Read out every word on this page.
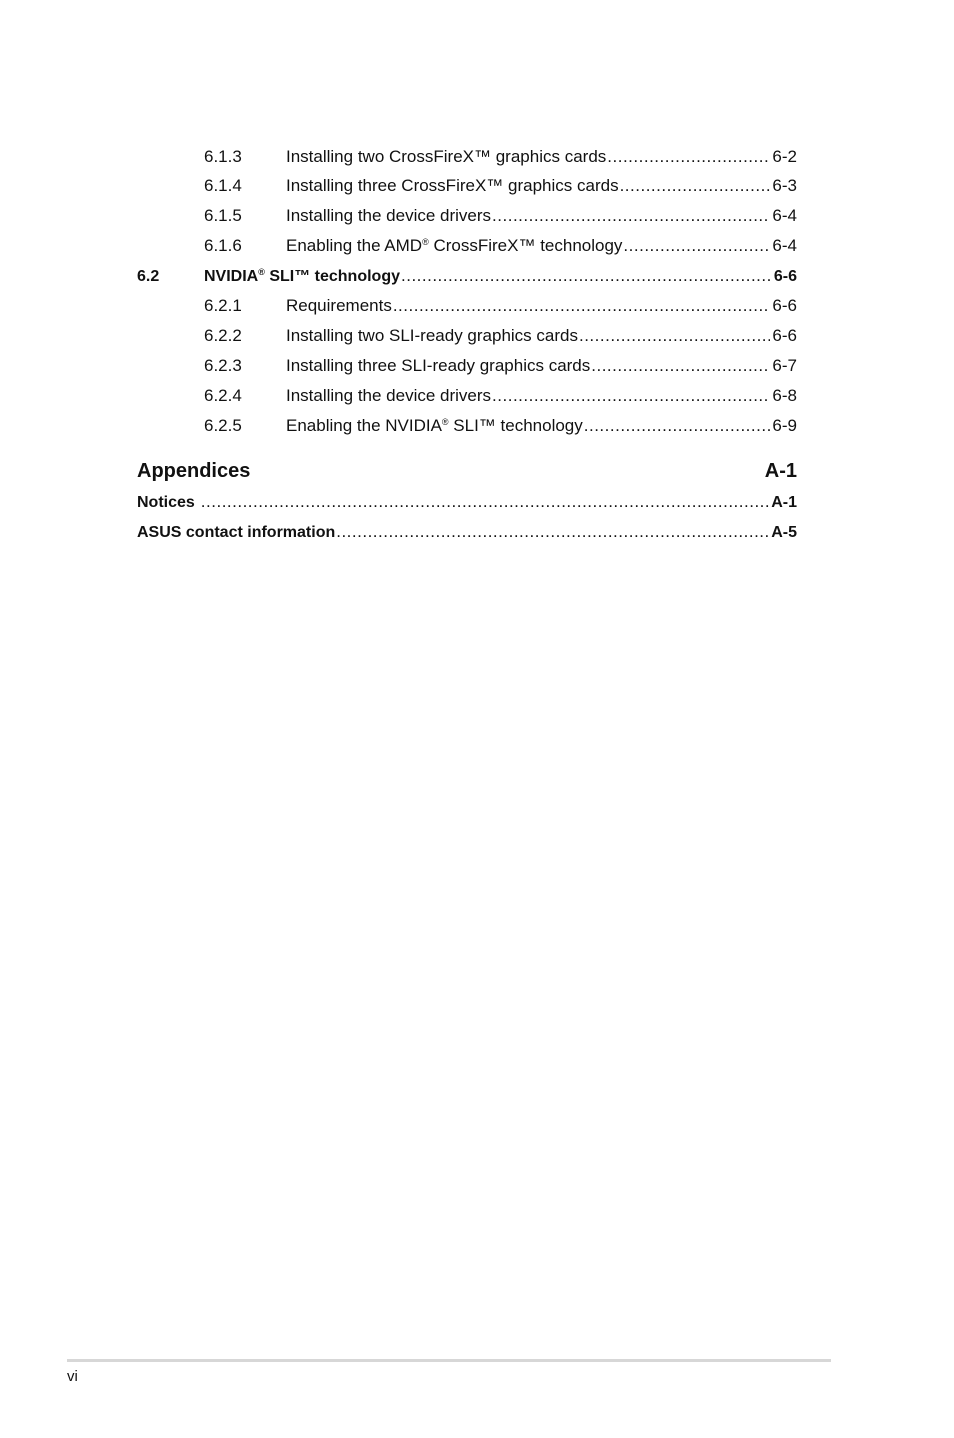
6.1.3	Installing two CrossFireX™ graphics cards .....	6-2
6.1.4	Installing three CrossFireX™ graphics cards .....	6-3
6.1.5	Installing the device drivers .....	6-4
6.1.6	Enabling the AMD® CrossFireX™ technology .....	6-4
6.2	NVIDIA® SLI™ technology .....	6-6
6.2.1	Requirements .....	6-6
6.2.2	Installing two SLI-ready graphics cards .....	6-6
6.2.3	Installing three SLI-ready graphics cards .....	6-7
6.2.4	Installing the device drivers .....	6-8
6.2.5	Enabling the NVIDIA® SLI™ technology .....	6-9
Appendices	A-1
Notices .....	A-1
ASUS contact information .....	A-5
vi
